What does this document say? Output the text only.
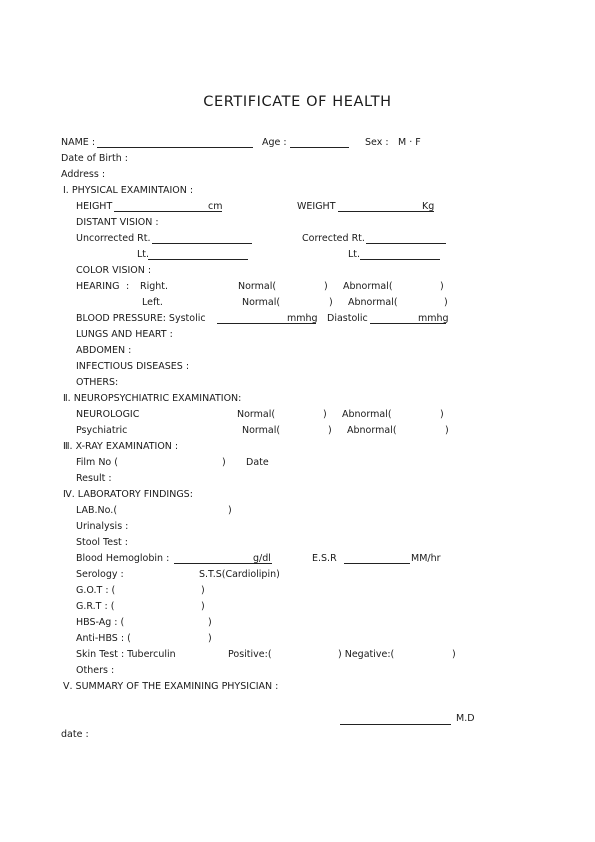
CERTIFICATE OF HEALTH
NAME :	Age :	Sex : M · F
Date of Birth :
Address :
Ⅰ. PHYSICAL EXAMINTAION :
HEIGHT	cm	WEIGHT	Kg
DISTANT VISION :
Uncorrected Rt.	Corrected Rt.
Lt.	Lt.
COLOR VISION :
HEARING : Right.	Normal(	) Abnormal(	)
Left.	Normal(	) Abnormal(	)
BLOOD PRESSURE: Systolic	mmhg Diastolic	mmhg
LUNGS AND HEART :
ABDOMEN :
INFECTIOUS DISEASES :
OTHERS:
Ⅱ. NEUROPSYCHIATRIC EXAMINATION:
NEUROLOGIC	Normal(	) Abnormal(	)
Psychiatric	Normal(	) Abnormal(	)
Ⅲ. X-RAY EXAMINATION :
Film No (	) Date
Result :
Ⅳ. LABORATORY FINDINGS:
LAB.No.(	)
Urinalysis :
Stool Test :
Blood Hemoglobin :	g/dl	E.S.R	MM/hr
Serology :	S.T.S(Cardiolipin)
G.O.T : (	)
G.R.T : (	)
HBS-Ag : (	)
Anti-HBS : (	)
Skin Test : Tuberculin	Positive:(	) Negative:(	)
Others :
Ⅴ. SUMMARY OF THE EXAMINING PHYSICIAN :
M.D
date :
